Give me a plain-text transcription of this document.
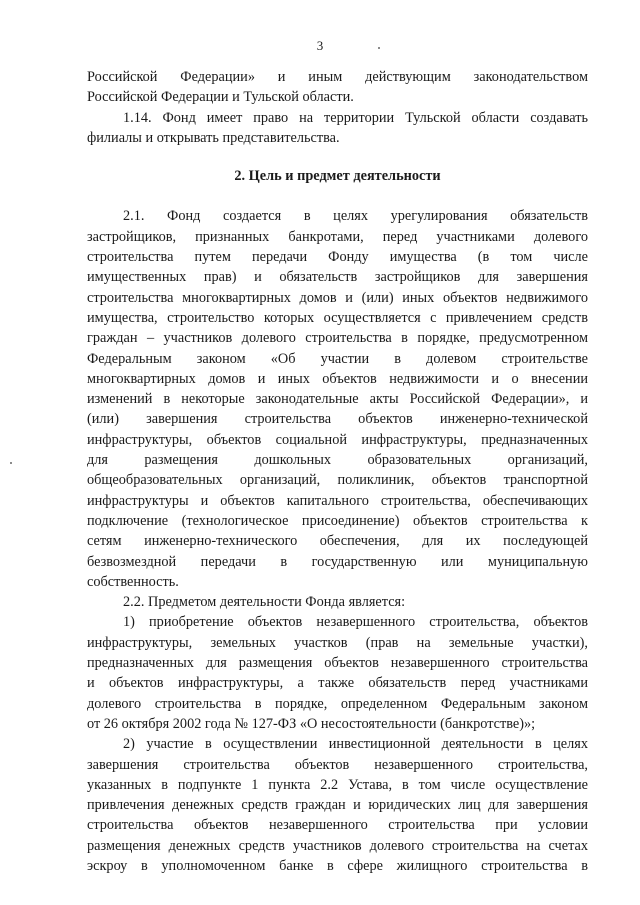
3
Российской Федерации» и иным действующим законодательством
Российской Федерации и Тульской области.
1.14. Фонд имеет право на территории Тульской области создавать
филиалы и открывать представительства.
2. Цель и предмет деятельности
2.1. Фонд создается в целях урегулирования обязательств
застройщиков, признанных банкротами, перед участниками долевого
строительства путем передачи Фонду имущества (в том числе
имущественных прав) и обязательств застройщиков для завершения
строительства многоквартирных домов и (или) иных объектов недвижимого
имущества, строительство которых осуществляется с привлечением средств
граждан – участников долевого строительства в порядке, предусмотренном
Федеральным законом «Об участии в долевом строительстве
многоквартирных домов и иных объектов недвижимости и о внесении
изменений в некоторые законодательные акты Российской Федерации», и
(или) завершения строительства объектов инженерно-технической
инфраструктуры, объектов социальной инфраструктуры, предназначенных
для размещения дошкольных образовательных организаций,
общеобразовательных организаций, поликлиник, объектов транспортной
инфраструктуры и объектов капитального строительства, обеспечивающих
подключение (технологическое присоединение) объектов строительства к
сетям инженерно-технического обеспечения, для их последующей
безвозмездной передачи в государственную или муниципальную
собственность.
2.2. Предметом деятельности Фонда является:
1) приобретение объектов незавершенного строительства, объектов
инфраструктуры, земельных участков (прав на земельные участки),
предназначенных для размещения объектов незавершенного строительства
и объектов инфраструктуры, а также обязательств перед участниками
долевого строительства в порядке, определенном Федеральным законом
от 26 октября 2002 года № 127-ФЗ «О несостоятельности (банкротстве)»;
2) участие в осуществлении инвестиционной деятельности в целях
завершения строительства объектов незавершенного строительства,
указанных в подпункте 1 пункта 2.2 Устава, в том числе осуществление
привлечения денежных средств граждан и юридических лиц для завершения
строительства объектов незавершенного строительства при условии
размещения денежных средств участников долевого строительства на счетах
эскроу в уполномоченном банке в сфере жилищного строительства в
